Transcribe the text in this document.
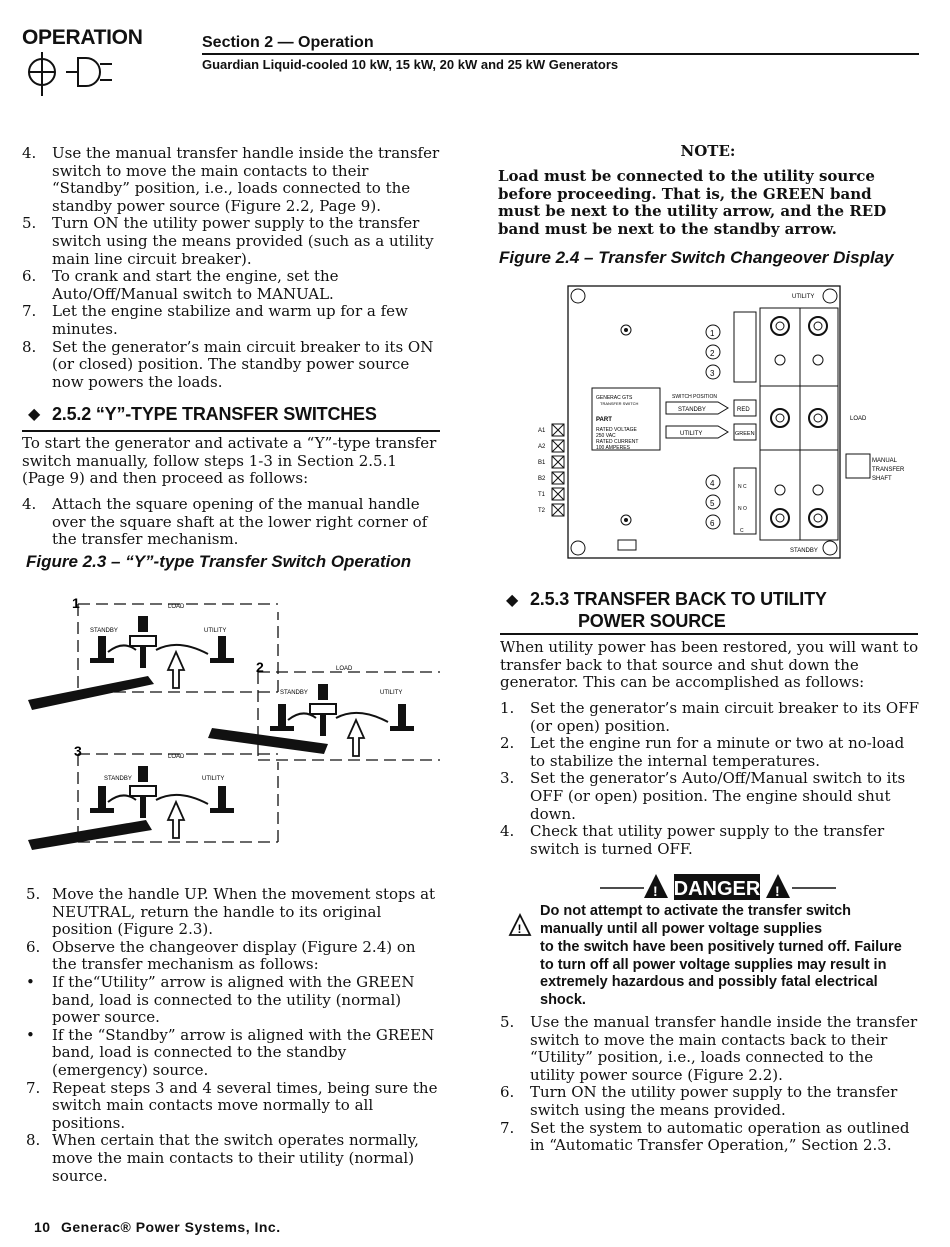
OPERATION	Section 2 — Operation
Guardian Liquid-cooled 10 kW, 15 kW, 20 kW and 25 kW Generators
4. Use the manual transfer handle inside the transfer switch to move the main contacts to their “Standby” position, i.e., loads connected to the standby power source (Figure 2.2, Page 9).
5. Turn ON the utility power supply to the transfer switch using the means provided (such as a utility main line circuit breaker).
6. To crank and start the engine, set the Auto/Off/Manual switch to MANUAL.
7. Let the engine stabilize and warm up for a few minutes.
8. Set the generator’s main circuit breaker to its ON (or closed) position. The standby power source now powers the loads.
◆ 2.5.2 “Y”-TYPE TRANSFER SWITCHES
To start the generator and activate a “Y”-type transfer switch manually, follow steps 1-3 in Section 2.5.1 (Page 9) and then proceed as follows:
4. Attach the square opening of the manual handle over the square shaft at the lower right corner of the transfer mechanism.
Figure 2.3 – “Y”-type Transfer Switch Operation
1	LOAD
STANDBY	UTILITY
2	LOAD
STANDBY	UTILITY
3	LOAD
STANDBY	UTILITY
5. Move the handle UP. When the movement stops at NEUTRAL, return the handle to its original position (Figure 2.3).
6. Observe the changeover display (Figure 2.4) on the transfer mechanism as follows:
• If the“Utility” arrow is aligned with the GREEN band, load is connected to the utility (normal) power source.
• If the “Standby” arrow is aligned with the GREEN band, load is connected to the standby (emergency) source.
7. Repeat steps 3 and 4 several times, being sure the switch main contacts move normally to all positions.
8. When certain that the switch operates normally, move the main contacts to their utility (normal) source.
NOTE:
Load must be connected to the utility source before proceeding. That is, the GREEN band must be next to the utility arrow, and the RED band must be next to the standby arrow.
Figure 2.4 – Transfer Switch Changeover Display
UTILITY
STANDBY
LOAD
MANUAL
TRANSFER
SHAFT
1
2
3
4
5
6
N C
N O
C
GENERAC GTS
TRANSFER SWITCH
PART
RATED VOLTAGE
250 VAC
RATED CURRENT
100 AMPERES
SWITCH POSITION
STANDBY	RED
UTILITY	GREEN
A1
A2
B1
B2
T1
T2
◆ 2.5.3 TRANSFER BACK TO UTILITY
POWER SOURCE
When utility power has been restored, you will want to transfer back to that source and shut down the generator. This can be accomplished as follows:
1. Set the generator’s main circuit breaker to its OFF (or open) position.
2. Let the engine run for a minute or two at no-load to stabilize the internal temperatures.
3. Set the generator’s Auto/Off/Manual switch to its OFF (or open) position. The engine should shut down.
4. Check that utility power supply to the transfer switch is turned OFF.
! DANGER !
!
Do not attempt to activate the transfer switch
manually until all power voltage supplies
to the switch have been positively turned off. Failure to turn off all power voltage supplies may result in extremely hazardous and possibly fatal electrical shock.
5. Use the manual transfer handle inside the transfer switch to move the main contacts back to their “Utility” position, i.e., loads connected to the utility power source (Figure 2.2).
6. Turn ON the utility power supply to the transfer switch using the means provided.
7. Set the system to automatic operation as outlined in “Automatic Transfer Operation,” Section 2.3.
10 Generac® Power Systems, Inc.
